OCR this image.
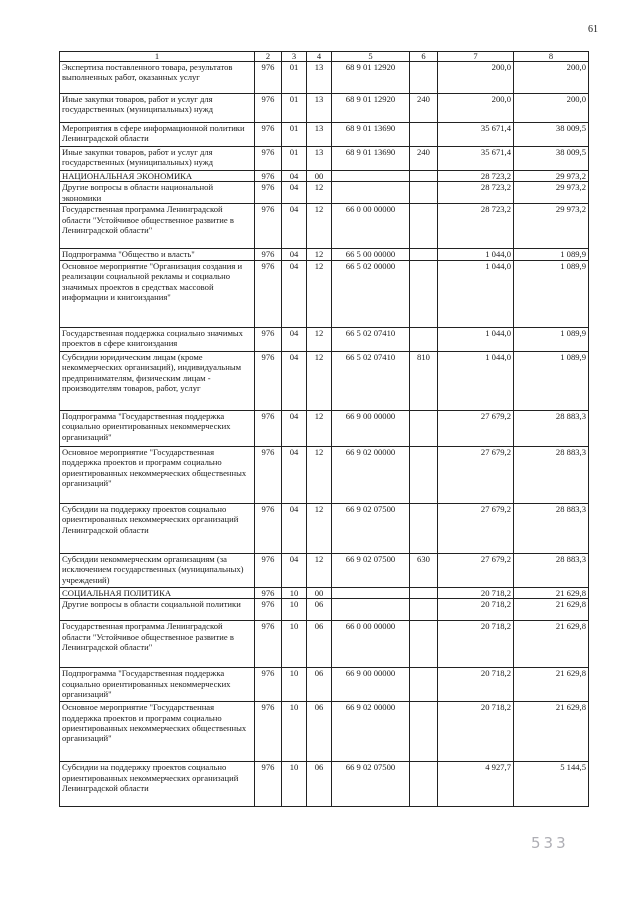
61
1	2	3	4	5	6	7	8
Экспертиза поставленного товара, результатов выполненных работ, оказанных услуг	976	01	13	68 9 01 12920		200,0	200,0
Иные закупки товаров, работ и услуг для государственных (муниципальных) нужд	976	01	13	68 9 01 12920	240	200,0	200,0
Мероприятия в сфере информационной политики Ленинградской области	976	01	13	68 9 01 13690		35 671,4	38 009,5
Иные закупки товаров, работ и услуг для государственных (муниципальных) нужд	976	01	13	68 9 01 13690	240	35 671,4	38 009,5
НАЦИОНАЛЬНАЯ ЭКОНОМИКА	976	04	00			28 723,2	29 973,2
Другие вопросы в области национальной экономики	976	04	12			28 723,2	29 973,2
Государственная программа Ленинградской области "Устойчивое общественное развитие в Ленинградской области"	976	04	12	66 0 00 00000		28 723,2	29 973,2
Подпрограмма "Общество и власть"	976	04	12	66 5 00 00000		1 044,0	1 089,9
Основное мероприятие "Организация создания и реализации социальной рекламы и социально значимых проектов в средствах массовой информации и книгоиздания"	976	04	12	66 5 02 00000		1 044,0	1 089,9
Государственная поддержка социально значимых проектов в сфере книгоиздания	976	04	12	66 5 02 07410		1 044,0	1 089,9
Субсидии юридическим лицам (кроме некоммерческих организаций), индивидуальным предпринимателям, физическим лицам - производителям товаров, работ, услуг	976	04	12	66 5 02 07410	810	1 044,0	1 089,9
Подпрограмма "Государственная поддержка социально ориентированных некоммерческих организаций"	976	04	12	66 9 00 00000		27 679,2	28 883,3
Основное мероприятие "Государственная поддержка проектов и программ социально ориентированных некоммерческих общественных организаций"	976	04	12	66 9 02 00000		27 679,2	28 883,3
Субсидии на поддержку проектов социально ориентированных некоммерческих организаций Ленинградской области	976	04	12	66 9 02 07500		27 679,2	28 883,3
Субсидии некоммерческим организациям (за исключением государственных (муниципальных) учреждений)	976	04	12	66 9 02 07500	630	27 679,2	28 883,3
СОЦИАЛЬНАЯ ПОЛИТИКА	976	10	00			20 718,2	21 629,8
Другие вопросы в области социальной политики	976	10	06			20 718,2	21 629,8
Государственная программа Ленинградской области "Устойчивое общественное развитие в Ленинградской области"	976	10	06	66 0 00 00000		20 718,2	21 629,8
Подпрограмма "Государственная поддержка социально ориентированных некоммерческих организаций"	976	10	06	66 9 00 00000		20 718,2	21 629,8
Основное мероприятие "Государственная поддержка проектов и программ социально ориентированных некоммерческих общественных организаций"	976	10	06	66 9 02 00000		20 718,2	21 629,8
Субсидии на поддержку проектов социально ориентированных некоммерческих организаций Ленинградской области	976	10	06	66 9 02 07500		4 927,7	5 144,5
533
